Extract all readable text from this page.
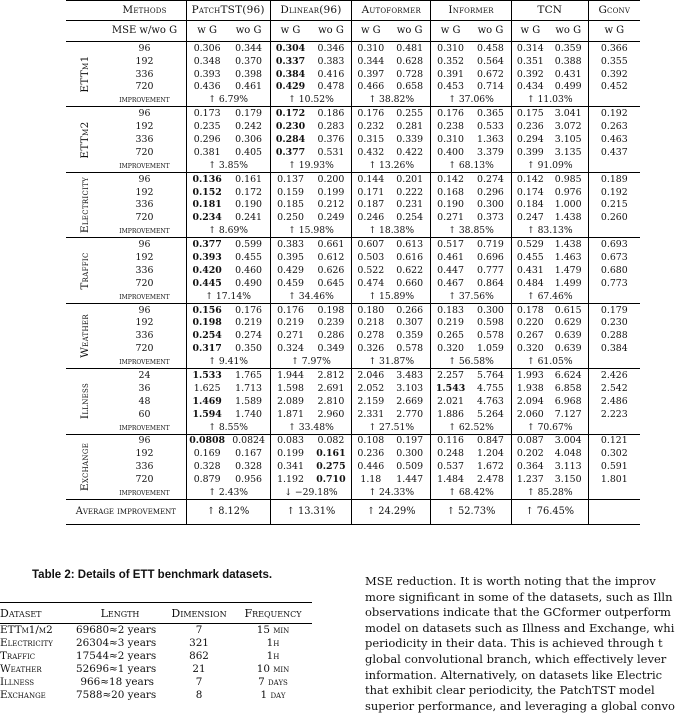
	Methods	PatchTST(96)		Dlinear(96)		Autoformer		Informer		TCN		Gconv
	MSE w/wo G	w G	wo G	w G	wo G	w G	wo G	w G	wo G	w G	wo G	w G

ETTm1	96	0.306	0.344	0.304	0.346	0.310	0.481	0.310	0.458	0.314	0.359	0.366
	192	0.348	0.370	0.337	0.383	0.344	0.628	0.352	0.564	0.351	0.388	0.355
	336	0.393	0.398	0.384	0.416	0.397	0.728	0.391	0.672	0.392	0.431	0.392
	720	0.436	0.461	0.429	0.478	0.466	0.658	0.453	0.714	0.434	0.499	0.452
	improvement	↑ 6.79%		↑ 10.52%		↑ 38.82%		↑ 37.06%		↑ 11.03%		

ETTm2	96	0.173	0.179	0.172	0.186	0.176	0.255	0.176	0.365	0.175	3.041	0.192
	192	0.235	0.242	0.230	0.283	0.232	0.281	0.238	0.533	0.236	3.072	0.263
	336	0.296	0.306	0.284	0.376	0.315	0.339	0.310	1.363	0.294	3.105	0.463
	720	0.381	0.405	0.377	0.531	0.432	0.422	0.400	3.379	0.399	3.135	0.437
	improvement	↑ 3.85%		↑ 19.93%		↑ 13.26%		↑ 68.13%		↑ 91.09%		

Electricity	96	0.136	0.161	0.137	0.200	0.144	0.201	0.142	0.274	0.142	0.985	0.189
	192	0.152	0.172	0.159	0.199	0.171	0.222	0.168	0.296	0.174	0.976	0.192
	336	0.181	0.190	0.185	0.212	0.187	0.231	0.190	0.300	0.184	1.000	0.215
	720	0.234	0.241	0.250	0.249	0.246	0.254	0.271	0.373	0.247	1.438	0.260
	improvement	↑ 8.69%		↑ 15.98%		↑ 18.38%		↑ 38.85%		↑ 83.13%		

Traffic	96	0.377	0.599	0.383	0.661	0.607	0.613	0.517	0.719	0.529	1.438	0.693
	192	0.393	0.455	0.395	0.612	0.503	0.616	0.461	0.696	0.455	1.463	0.673
	336	0.420	0.460	0.429	0.626	0.522	0.622	0.447	0.777	0.431	1.479	0.680
	720	0.445	0.490	0.459	0.645	0.474	0.660	0.467	0.864	0.484	1.499	0.773
	improvement	↑ 17.14%		↑ 34.46%		↑ 15.89%		↑ 37.56%		↑ 67.46%		

Weather	96	0.156	0.176	0.176	0.198	0.180	0.266	0.183	0.300	0.178	0.615	0.179
	192	0.198	0.219	0.219	0.239	0.218	0.307	0.219	0.598	0.220	0.629	0.230
	336	0.254	0.274	0.271	0.286	0.278	0.359	0.265	0.578	0.267	0.639	0.288
	720	0.317	0.350	0.324	0.349	0.326	0.578	0.320	1.059	0.320	0.639	0.384
	improvement	↑ 9.41%		↑ 7.97%		↑ 31.87%		↑ 56.58%		↑ 61.05%		

Illness	24	1.533	1.765	1.944	2.812	2.046	3.483	2.257	5.764	1.993	6.624	2.426
	36	1.625	1.713	1.598	2.691	2.052	3.103	1.543	4.755	1.938	6.858	2.542
	48	1.469	1.589	2.089	2.810	2.159	2.669	2.021	4.763	2.094	6.968	2.486
	60	1.594	1.740	1.871	2.960	2.331	2.770	1.886	5.264	2.060	7.127	2.223
	improvement	↑ 8.55%		↑ 33.48%		↑ 27.51%		↑ 62.52%		↑ 70.67%		

Exchange	96	0.0808	0.0824	0.083	0.082	0.108	0.197	0.116	0.847	0.087	3.004	0.121
	192	0.169	0.167	0.199	0.161	0.236	0.300	0.248	1.204	0.202	4.048	0.302
	336	0.328	0.328	0.341	0.275	0.446	0.509	0.537	1.672	0.364	3.113	0.591
	720	0.879	0.956	1.192	0.710	1.18	1.447	1.484	2.478	1.237	3.150	1.801
	improvement	↑ 2.43%		↓ −29.18%		↑ 24.33%		↑ 68.42%		↑ 85.28%		
Average improvement		↑ 8.12%		↑ 13.31%		↑ 24.29%		↑ 52.73%		↑ 76.45%		
Table 2: Details of ETT benchmark datasets.
Dataset	Length	Dimension	Frequency
ETTm1/m2	69680≈2 years	7	15 min
Electricity	26304≈3 years	321	1h
Traffic	17544≈2 years	862	1h
Weather	52696≈1 years	21	10 min
Illness	966≈18 years	7	7 days
Exchange	7588≈20 years	8	1 day
MSE reduction. It is worth noting that the improv
more significant in some of the datasets, such as Illn
observations indicate that the GCformer outperform
model on datasets such as Illness and Exchange, whi
periodicity in their data. This is achieved through t
global convolutional branch, which effectively lever
information. Alternatively, on datasets like Electric
that exhibit clear periodicity, the PatchTST model
superior performance, and leveraging a global convo
